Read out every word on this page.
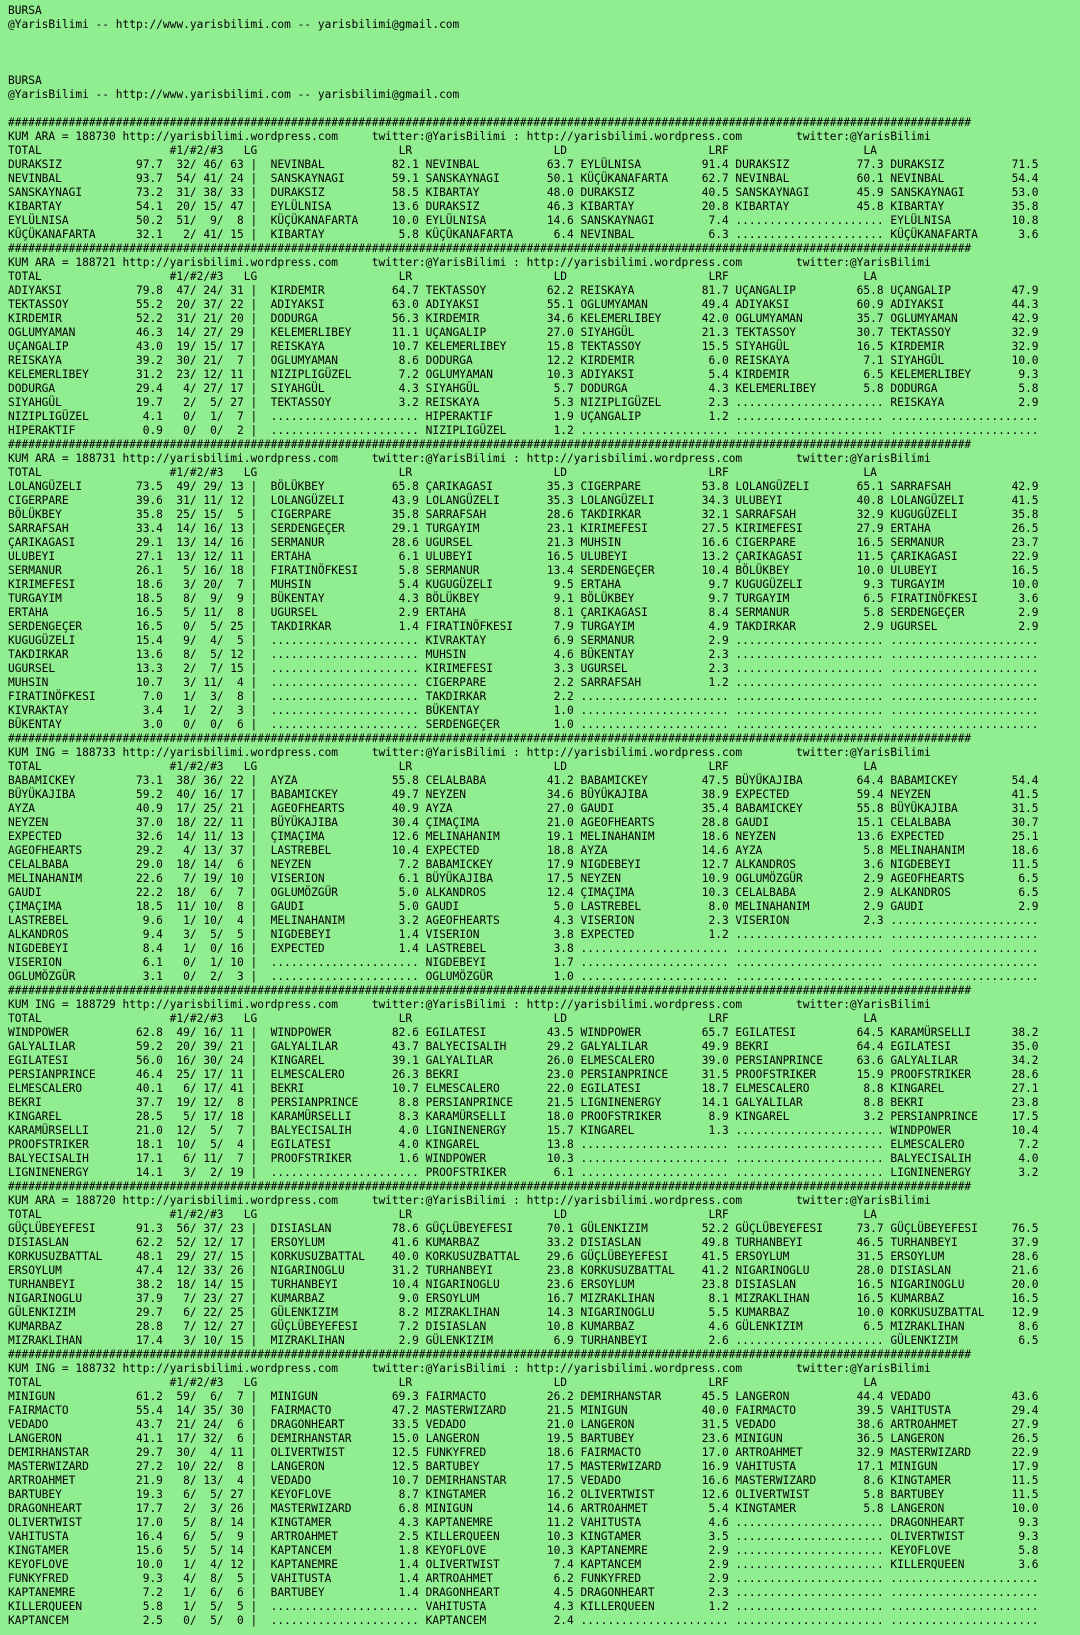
BURSA
@YarisBilimi -- http://www.yarisbilimi.com -- yarisbilimi@gmail.com
BURSA
@YarisBilimi -- http://www.yarisbilimi.com -- yarisbilimi@gmail.com

###############################################################################################################################################
KUM ARA = 188730 http://yarisbilimi.wordpress.com     twitter:@YarisBilimi : http://yarisbilimi.wordpress.com        twitter:@YarisBilimi
TOTAL                   #1/#2/#3   LG                     LR                     LD                     LRF                    LA
DURAKSIZ           97.7  32/ 46/ 63 |  NEVINBAL          82.1 NEVINBAL          63.7 EYLÜLNISA         91.4 DURAKSIZ          77.3 DURAKSIZ          71.5
NEVINBAL           93.7  54/ 41/ 24 |  SANSKAYNAGI       59.1 SANSKAYNAGI       50.1 KÜÇÜKANAFARTA     62.7 NEVINBAL          60.1 NEVINBAL          54.4
SANSKAYNAGI        73.2  31/ 38/ 33 |  DURAKSIZ          58.5 KIBARTAY          48.0 DURAKSIZ          40.5 SANSKAYNAGI       45.9 SANSKAYNAGI       53.0
KIBARTAY           54.1  20/ 15/ 47 |  EYLÜLNISA         13.6 DURAKSIZ          46.3 KIBARTAY          20.8 KIBARTAY          45.8 KIBARTAY          35.8
EYLÜLNISA          50.2  51/  9/  8 |  KÜÇÜKANAFARTA     10.0 EYLÜLNISA         14.6 SANSKAYNAGI        7.4 ...................... EYLÜLNISA         10.8
KÜÇÜKANAFARTA      32.1   2/ 41/ 15 |  KIBARTAY           5.8 KÜÇÜKANAFARTA      6.4 NEVINBAL           6.3 ...................... KÜÇÜKANAFARTA      3.6
###############################################################################################################################################
KUM ARA = 188721 http://yarisbilimi.wordpress.com     twitter:@YarisBilimi : http://yarisbilimi.wordpress.com        twitter:@YarisBilimi
TOTAL                   #1/#2/#3   LG                     LR                     LD                     LRF                    LA
ADIYAKSI           79.8  47/ 24/ 31 |  KIRDEMIR          64.7 TEKTASSOY         62.2 REISKAYA          81.7 UÇANGALIP         65.8 UÇANGALIP         47.9
TEKTASSOY          55.2  20/ 37/ 22 |  ADIYAKSI          63.0 ADIYAKSI          55.1 OGLUMYAMAN        49.4 ADIYAKSI          60.9 ADIYAKSI          44.3
KIRDEMIR           52.2  31/ 21/ 20 |  DODURGA           56.3 KIRDEMIR          34.6 KELEMERLIBEY      42.0 OGLUMYAMAN        35.7 OGLUMYAMAN        42.9
OGLUMYAMAN         46.3  14/ 27/ 29 |  KELEMERLIBEY      11.1 UÇANGALIP         27.0 SIYAHGÜL          21.3 TEKTASSOY         30.7 TEKTASSOY         32.9
UÇANGALIP          43.0  19/ 15/ 17 |  REISKAYA          10.7 KELEMERLIBEY      15.8 TEKTASSOY         15.5 SIYAHGÜL          16.5 KIRDEMIR          32.9
REISKAYA           39.2  30/ 21/  7 |  OGLUMYAMAN         8.6 DODURGA           12.2 KIRDEMIR           6.0 REISKAYA           7.1 SIYAHGÜL          10.0
KELEMERLIBEY       31.2  23/ 12/ 11 |  NIZIPLIGÜZEL       7.2 OGLUMYAMAN        10.3 ADIYAKSI           5.4 KIRDEMIR           6.5 KELEMERLIBEY       9.3
DODURGA            29.4   4/ 27/ 17 |  SIYAHGÜL           4.3 SIYAHGÜL           5.7 DODURGA            4.3 KELEMERLIBEY       5.8 DODURGA            5.8
SIYAHGÜL           19.7   2/  5/ 27 |  TEKTASSOY          3.2 REISKAYA           5.3 NIZIPLIGÜZEL       2.3 ...................... REISKAYA           2.9
NIZIPLIGÜZEL        4.1   0/  1/  7 |  ...................... HIPERAKTIF         1.9 UÇANGALIP          1.2 ...................... ......................
HIPERAKTIF          0.9   0/  0/  2 |  ...................... NIZIPLIGÜZEL       1.2 ...................... ...................... ......................
###############################################################################################################################################
KUM ARA = 188731 http://yarisbilimi.wordpress.com     twitter:@YarisBilimi : http://yarisbilimi.wordpress.com        twitter:@YarisBilimi
TOTAL                   #1/#2/#3   LG                     LR                     LD                     LRF                    LA
LOLANGÜZELI        73.5  49/ 29/ 13 |  BÖLÜKBEY          65.8 ÇARIKAGASI        35.3 CIGERPARE         53.8 LOLANGÜZELI       65.1 SARRAFSAH         42.9
CIGERPARE          39.6  31/ 11/ 12 |  LOLANGÜZELI       43.9 LOLANGÜZELI       35.3 LOLANGÜZELI       34.3 ULUBEYI           40.8 LOLANGÜZELI       41.5
BÖLÜKBEY           35.8  25/ 15/  5 |  CIGERPARE         35.8 SARRAFSAH         28.6 TAKDIRKAR         32.1 SARRAFSAH         32.9 KUGUGÜZELI        35.8
SARRAFSAH          33.4  14/ 16/ 13 |  SERDENGEÇER       29.1 TURGAYIM          23.1 KIRIMEFESI        27.5 KIRIMEFESI        27.9 ERTAHA            26.5
ÇARIKAGASI         29.1  13/ 14/ 16 |  SERMANUR          28.6 UGURSEL           21.3 MUHSIN            16.6 CIGERPARE         16.5 SERMANUR          23.7
ULUBEYI            27.1  13/ 12/ 11 |  ERTAHA             6.1 ULUBEYI           16.5 ULUBEYI           13.2 ÇARIKAGASI        11.5 ÇARIKAGASI        22.9
SERMANUR           26.1   5/ 16/ 18 |  FIRATINÖFKESI      5.8 SERMANUR          13.4 SERDENGEÇER       10.4 BÖLÜKBEY          10.0 ULUBEYI           16.5
KIRIMEFESI         18.6   3/ 20/  7 |  MUHSIN             5.4 KUGUGÜZELI         9.5 ERTAHA             9.7 KUGUGÜZELI         9.3 TURGAYIM          10.0
TURGAYIM           18.5   8/  9/  9 |  BÜKENTAY           4.3 BÖLÜKBEY           9.1 BÖLÜKBEY           9.7 TURGAYIM           6.5 FIRATINÖFKESI      3.6
ERTAHA             16.5   5/ 11/  8 |  UGURSEL            2.9 ERTAHA             8.1 ÇARIKAGASI         8.4 SERMANUR           5.8 SERDENGEÇER        2.9
SERDENGEÇER        16.5   0/  5/ 25 |  TAKDIRKAR          1.4 FIRATINÖFKESI      7.9 TURGAYIM           4.9 TAKDIRKAR          2.9 UGURSEL            2.9
KUGUGÜZELI         15.4   9/  4/  5 |  ...................... KIVRAKTAY          6.9 SERMANUR           2.9 ...................... ......................
TAKDIRKAR          13.6   8/  5/ 12 |  ...................... MUHSIN             4.6 BÜKENTAY           2.3 ...................... ......................
UGURSEL            13.3   2/  7/ 15 |  ...................... KIRIMEFESI         3.3 UGURSEL            2.3 ...................... ......................
MUHSIN             10.7   3/ 11/  4 |  ...................... CIGERPARE          2.2 SARRAFSAH          1.2 ...................... ......................
FIRATINÖFKESI       7.0   1/  3/  8 |  ...................... TAKDIRKAR          2.2 ...................... ...................... ......................
KIVRAKTAY           3.4   1/  2/  3 |  ...................... BÜKENTAY           1.0 ...................... ...................... ......................
BÜKENTAY            3.0   0/  0/  6 |  ...................... SERDENGEÇER        1.0 ...................... ...................... ......................
###############################################################################################################################################
KUM ING = 188733 http://yarisbilimi.wordpress.com     twitter:@YarisBilimi : http://yarisbilimi.wordpress.com        twitter:@YarisBilimi
TOTAL                   #1/#2/#3   LG                     LR                     LD                     LRF                    LA
BABAMICKEY         73.1  38/ 36/ 22 |  AYZA              55.8 CELALBABA         41.2 BABAMICKEY        47.5 BÜYÜKAJIBA        64.4 BABAMICKEY        54.4
BÜYÜKAJIBA         59.2  40/ 16/ 17 |  BABAMICKEY        49.7 NEYZEN            34.6 BÜYÜKAJIBA        38.9 EXPECTED          59.4 NEYZEN            41.5
AYZA               40.9  17/ 25/ 21 |  AGEOFHEARTS       40.9 AYZA              27.0 GAUDI             35.4 BABAMICKEY        55.8 BÜYÜKAJIBA        31.5
NEYZEN             37.0  18/ 22/ 11 |  BÜYÜKAJIBA        30.4 ÇIMAÇIMA          21.0 AGEOFHEARTS       28.8 GAUDI             15.1 CELALBABA         30.7
EXPECTED           32.6  14/ 11/ 13 |  ÇIMAÇIMA          12.6 MELINAHANIM       19.1 MELINAHANIM       18.6 NEYZEN            13.6 EXPECTED          25.1
AGEOFHEARTS        29.2   4/ 13/ 37 |  LASTREBEL         10.4 EXPECTED          18.8 AYZA              14.6 AYZA               5.8 MELINAHANIM       18.6
CELALBABA          29.0  18/ 14/  6 |  NEYZEN             7.2 BABAMICKEY        17.9 NIGDEBEYI         12.7 ALKANDROS          3.6 NIGDEBEYI         11.5
MELINAHANIM        22.6   7/ 19/ 10 |  VISERION           6.1 BÜYÜKAJIBA        17.5 NEYZEN            10.9 OGLUMÖZGÜR         2.9 AGEOFHEARTS        6.5
GAUDI              22.2  18/  6/  7 |  OGLUMÖZGÜR         5.0 ALKANDROS         12.4 ÇIMAÇIMA          10.3 CELALBABA          2.9 ALKANDROS          6.5
ÇIMAÇIMA           18.5  11/ 10/  8 |  GAUDI              5.0 GAUDI              5.0 LASTREBEL          8.0 MELINAHANIM        2.9 GAUDI              2.9
LASTREBEL           9.6   1/ 10/  4 |  MELINAHANIM        3.2 AGEOFHEARTS        4.3 VISERION           2.3 VISERION           2.3 ......................
ALKANDROS           9.4   3/  5/  5 |  NIGDEBEYI          1.4 VISERION           3.8 EXPECTED           1.2 ...................... ......................
NIGDEBEYI           8.4   1/  0/ 16 |  EXPECTED           1.4 LASTREBEL          3.8 ...................... ...................... ......................
VISERION            6.1   0/  1/ 10 |  ...................... NIGDEBEYI          1.7 ...................... ...................... ......................
OGLUMÖZGÜR          3.1   0/  2/  3 |  ...................... OGLUMÖZGÜR         1.0 ...................... ...................... ......................
###############################################################################################################################################
KUM ING = 188729 http://yarisbilimi.wordpress.com     twitter:@YarisBilimi : http://yarisbilimi.wordpress.com        twitter:@YarisBilimi
TOTAL                   #1/#2/#3   LG                     LR                     LD                     LRF                    LA
WINDPOWER          62.8  49/ 16/ 11 |  WINDPOWER         82.6 EGILATESI         43.5 WINDPOWER         65.7 EGILATESI         64.5 KARAMÜRSELLI      38.2
GALYALILAR         59.2  20/ 39/ 21 |  GALYALILAR        43.7 BALYECISALIH      29.2 GALYALILAR        49.9 BEKRI             64.4 EGILATESI         35.0
EGILATESI          56.0  16/ 30/ 24 |  KINGAREL          39.1 GALYALILAR        26.0 ELMESCALERO       39.0 PERSIANPRINCE     63.6 GALYALILAR        34.2
PERSIANPRINCE      46.4  25/ 17/ 11 |  ELMESCALERO       26.3 BEKRI             23.0 PERSIANPRINCE     31.5 PROOFSTRIKER      15.9 PROOFSTRIKER      28.6
ELMESCALERO        40.1   6/ 17/ 41 |  BEKRI             10.7 ELMESCALERO       22.0 EGILATESI         18.7 ELMESCALERO        8.8 KINGAREL          27.1
BEKRI              37.7  19/ 12/  8 |  PERSIANPRINCE      8.8 PERSIANPRINCE     21.5 LIGNINENERGY      14.1 GALYALILAR         8.8 BEKRI             23.8
KINGAREL           28.5   5/ 17/ 18 |  KARAMÜRSELLI       8.3 KARAMÜRSELLI      18.0 PROOFSTRIKER       8.9 KINGAREL           3.2 PERSIANPRINCE     17.5
KARAMÜRSELLI       21.0  12/  5/  7 |  BALYECISALIH       4.0 LIGNINENERGY      15.7 KINGAREL           1.3 ...................... WINDPOWER         10.4
PROOFSTRIKER       18.1  10/  5/  4 |  EGILATESI          4.0 KINGAREL          13.8 ...................... ...................... ELMESCALERO        7.2
BALYECISALIH       17.1   6/ 11/  7 |  PROOFSTRIKER       1.6 WINDPOWER         10.3 ...................... ...................... BALYECISALIH       4.0
LIGNINENERGY       14.1   3/  2/ 19 |  ...................... PROOFSTRIKER       6.1 ...................... ...................... LIGNINENERGY       3.2
###############################################################################################################################################
KUM ARA = 188720 http://yarisbilimi.wordpress.com     twitter:@YarisBilimi : http://yarisbilimi.wordpress.com        twitter:@YarisBilimi
TOTAL                   #1/#2/#3   LG                     LR                     LD                     LRF                    LA
GÜÇLÜBEYEFESI      91.3  56/ 37/ 23 |  DISIASLAN         78.6 GÜÇLÜBEYEFESI     70.1 GÜLENKIZIM        52.2 GÜÇLÜBEYEFESI     73.7 GÜÇLÜBEYEFESI     76.5
DISIASLAN          62.2  52/ 12/ 17 |  ERSOYLUM          41.6 KUMARBAZ          33.2 DISIASLAN         49.8 TURHANBEYI        46.5 TURHANBEYI        37.9
KORKUSUZBATTAL     48.1  29/ 27/ 15 |  KORKUSUZBATTAL    40.0 KORKUSUZBATTAL    29.6 GÜÇLÜBEYEFESI     41.5 ERSOYLUM          31.5 ERSOYLUM          28.6
ERSOYLUM           47.4  12/ 33/ 26 |  NIGARINOGLU       31.2 TURHANBEYI        23.8 KORKUSUZBATTAL    41.2 NIGARINOGLU       28.0 DISIASLAN         21.6
TURHANBEYI         38.2  18/ 14/ 15 |  TURHANBEYI        10.4 NIGARINOGLU       23.6 ERSOYLUM          23.8 DISIASLAN         16.5 NIGARINOGLU       20.0
NIGARINOGLU        37.9   7/ 23/ 27 |  KUMARBAZ           9.0 ERSOYLUM          16.7 MIZRAKLIHAN        8.1 MIZRAKLIHAN       16.5 KUMARBAZ          16.5
GÜLENKIZIM         29.7   6/ 22/ 25 |  GÜLENKIZIM         8.2 MIZRAKLIHAN       14.3 NIGARINOGLU        5.5 KUMARBAZ          10.0 KORKUSUZBATTAL    12.9
KUMARBAZ           28.8   7/ 12/ 27 |  GÜÇLÜBEYEFESI      7.2 DISIASLAN         10.8 KUMARBAZ           4.6 GÜLENKIZIM         6.5 MIZRAKLIHAN        8.6
MIZRAKLIHAN        17.4   3/ 10/ 15 |  MIZRAKLIHAN        2.9 GÜLENKIZIM         6.9 TURHANBEYI         2.6 ...................... GÜLENKIZIM         6.5
###############################################################################################################################################
KUM ING = 188732 http://yarisbilimi.wordpress.com     twitter:@YarisBilimi : http://yarisbilimi.wordpress.com        twitter:@YarisBilimi
TOTAL                   #1/#2/#3   LG                     LR                     LD                     LRF                    LA
MINIGUN            61.2  59/  6/  7 |  MINIGUN           69.3 FAIRMACTO         26.2 DEMIRHANSTAR      45.5 LANGERON          44.4 VEDADO            43.6
FAIRMACTO          55.4  14/ 35/ 30 |  FAIRMACTO         47.2 MASTERWIZARD      21.5 MINIGUN           40.0 FAIRMACTO         39.5 VAHITUSTA         29.4
VEDADO             43.7  21/ 24/  6 |  DRAGONHEART       33.5 VEDADO            21.0 LANGERON          31.5 VEDADO            38.6 ARTROAHMET        27.9
LANGERON           41.1  17/ 32/  6 |  DEMIRHANSTAR      15.0 LANGERON          19.5 BARTUBEY          23.6 MINIGUN           36.5 LANGERON          26.5
DEMIRHANSTAR       29.7  30/  4/ 11 |  OLIVERTWIST       12.5 FUNKYFRED         18.6 FAIRMACTO         17.0 ARTROAHMET        32.9 MASTERWIZARD      22.9
MASTERWIZARD       27.2  10/ 22/  8 |  LANGERON          12.5 BARTUBEY          17.5 MASTERWIZARD      16.9 VAHITUSTA         17.1 MINIGUN           17.9
ARTROAHMET         21.9   8/ 13/  4 |  VEDADO            10.7 DEMIRHANSTAR      17.5 VEDADO            16.6 MASTERWIZARD       8.6 KINGTAMER         11.5
BARTUBEY           19.3   6/  5/ 27 |  KEYOFLOVE          8.7 KINGTAMER         16.2 OLIVERTWIST       12.6 OLIVERTWIST        5.8 BARTUBEY          11.5
DRAGONHEART        17.7   2/  3/ 26 |  MASTERWIZARD       6.8 MINIGUN           14.6 ARTROAHMET         5.4 KINGTAMER          5.8 LANGERON          10.0
OLIVERTWIST        17.0   5/  8/ 14 |  KINGTAMER          4.3 KAPTANEMRE        11.2 VAHITUSTA          4.6 ...................... DRAGONHEART        9.3
VAHITUSTA          16.4   6/  5/  9 |  ARTROAHMET         2.5 KILLERQUEEN       10.3 KINGTAMER          3.5 ...................... OLIVERTWIST        9.3
KINGTAMER          15.6   5/  5/ 14 |  KAPTANCEM          1.8 KEYOFLOVE         10.3 KAPTANEMRE         2.9 ...................... KEYOFLOVE          5.8
KEYOFLOVE          10.0   1/  4/ 12 |  KAPTANEMRE         1.4 OLIVERTWIST        7.4 KAPTANCEM          2.9 ...................... KILLERQUEEN        3.6
FUNKYFRED           9.3   4/  8/  5 |  VAHITUSTA          1.4 ARTROAHMET         6.2 FUNKYFRED          2.9 ...................... ......................
KAPTANEMRE          7.2   1/  6/  6 |  BARTUBEY           1.4 DRAGONHEART        4.5 DRAGONHEART        2.3 ...................... ......................
KILLERQUEEN         5.8   1/  5/  5 |  ...................... VAHITUSTA          4.3 KILLERQUEEN        1.2 ...................... ......................
KAPTANCEM           2.5   0/  5/  0 |  ...................... KAPTANCEM          2.4 ...................... ...................... ......................
